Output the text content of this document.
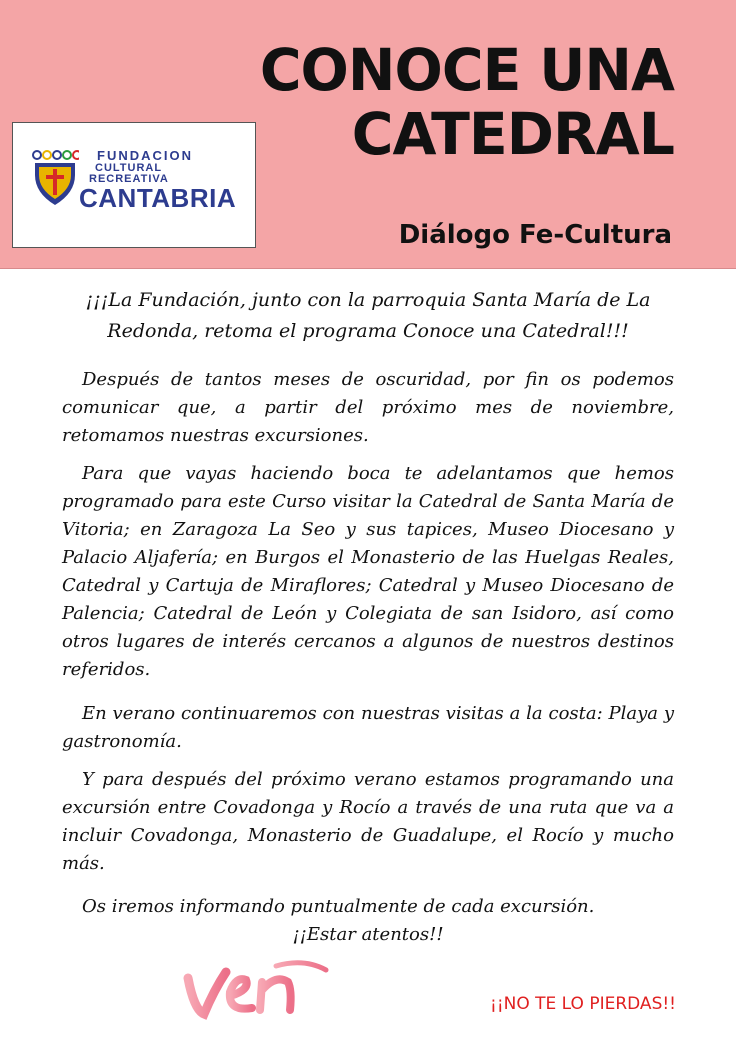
CONOCE UNA
CATEDRAL
Diálogo Fe-Cultura
FUNDACION
CULTURAL
RECREATIVA
CANTABRIA
¡¡¡La Fundación, junto con la parroquia Santa María de La Redonda, retoma el programa Conoce una Catedral!!!
Después de tantos meses de oscuridad, por fin os podemos comunicar que, a partir del próximo mes de noviembre, retomamos nuestras excursiones.
Para que vayas haciendo boca te adelantamos que hemos programado para este Curso visitar la Catedral de Santa María de Vitoria; en Zaragoza La Seo y sus tapices, Museo Diocesano y Palacio Aljafería; en Burgos el Monasterio de las Huelgas Reales, Catedral y Cartuja de Miraflores; Catedral y Museo Diocesano de Palencia; Catedral de León y Colegiata de san Isidoro, así como otros lugares de interés cercanos a algunos de nuestros destinos referidos.
En verano continuaremos con nuestras visitas a la costa: Playa y gastronomía.
Y para después del próximo verano estamos programando una excursión entre Covadonga y Rocío a través de una ruta que va a incluir Covadonga, Monasterio de Guadalupe, el Rocío y mucho más.
Os iremos informando puntualmente de cada excursión.
¡¡Estar atentos!!
¡¡NO TE LO PIERDAS!!
